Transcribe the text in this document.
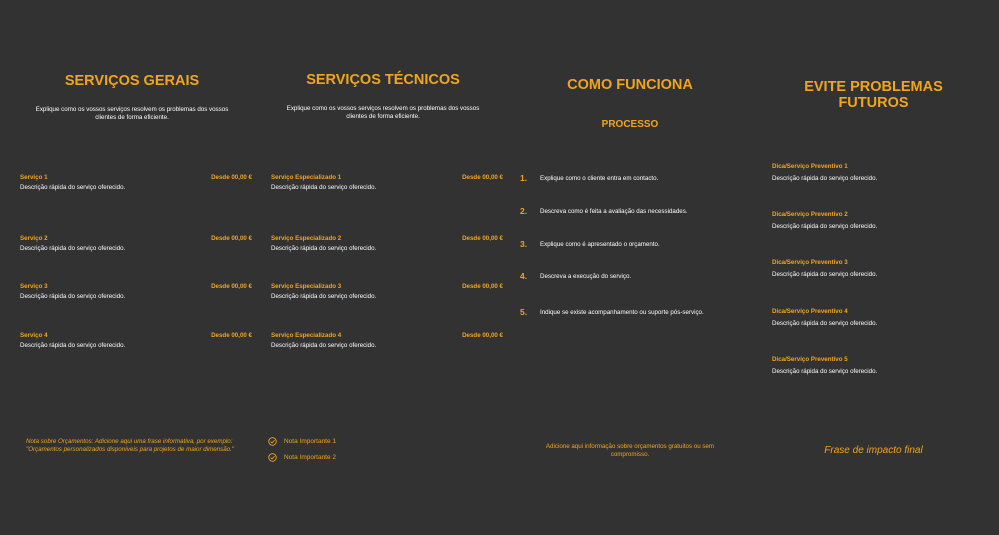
SERVIÇOS GERAIS
Explique como os vossos serviços resolvem os problemas dos vossos clientes de forma eficiente.
Serviço 1	Desde 00,00 €
Descrição rápida do serviço oferecido.
Serviço 2	Desde 00,00 €
Descrição rápida do serviço oferecido.
Serviço 3	Desde 00,00 €
Descrição rápida do serviço oferecido.
Serviço 4	Desde 00,00 €
Descrição rápida do serviço oferecido.
Nota sobre Orçamentos: Adicione aqui uma frase informativa, por exemplo: "Orçamentos personalizados disponíveis para projetos de maior dimensão."
SERVIÇOS TÉCNICOS
Explique como os vossos serviços resolvem os problemas dos vossos clientes de forma eficiente.
Serviço Especializado 1	Desde 00,00 €
Descrição rápida do serviço oferecido.
Serviço Especializado 2	Desde 00,00 €
Descrição rápida do serviço oferecido.
Serviço Especializado 3	Desde 00,00 €
Descrição rápida do serviço oferecido.
Serviço Especializado 4	Desde 00,00 €
Descrição rápida do serviço oferecido.
Nota Importante 1
Nota Importante 2
COMO FUNCIONA
PROCESSO
1.	Explique como o cliente entra em contacto.
2.	Descreva como é feita a avaliação das necessidades.
3.	Explique como é apresentado o orçamento.
4.	Descreva a execução do serviço.
5.	Indique se existe acompanhamento ou suporte pós-serviço.
Adicione aqui informação sobre orçamentos gratuitos ou sem compromisso.
EVITE PROBLEMAS
FUTUROS
Dica/Serviço Preventivo 1
Descrição rápida do serviço oferecido.
Dica/Serviço Preventivo 2
Descrição rápida do serviço oferecido.
Dica/Serviço Preventivo 3
Descrição rápida do serviço oferecido.
Dica/Serviço Preventivo 4
Descrição rápida do serviço oferecido.
Dica/Serviço Preventivo 5
Descrição rápida do serviço oferecido.
Frase de impacto final
